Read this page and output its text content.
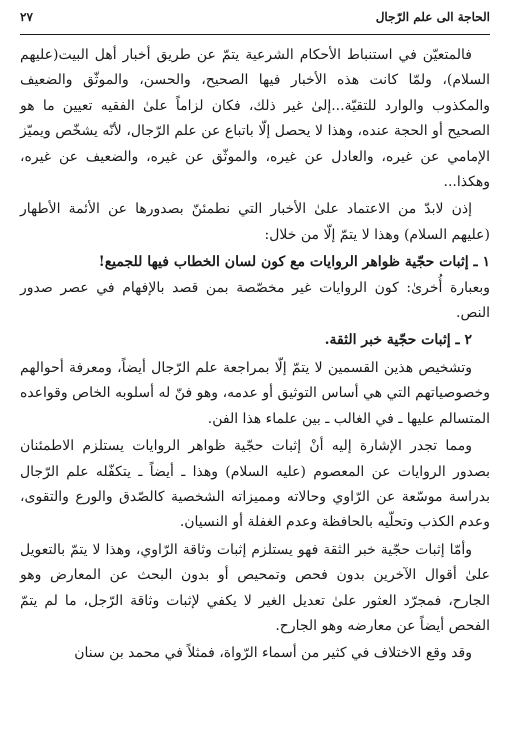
الحاجة الى علم الرّجال
٢٧

فالمتعيّن في استنباط الأحكام الشرعية يتمّ عن طريق أخبار أهل البيت(عليهم السلام)، ولمّا كانت هذه الأخبار فيها الصحيح، والحسن، والموثّق والضعيف والمكذوب والوارد للتقيّة...إلىٰ غير ذلك، فكان لزاماً علىٰ الفقيه تعيين ما هو الصحيح أو الحجة عنده، وهذا لا يحصل إلّا باتباع عن علم الرّجال، لأنّه يشخّص ويميّز الإمامي عن غيره، والعادل عن غيره، والموثّق عن غيره، والضعيف عن غيره، وهكذا...

إذن لابدّ من الاعتماد علىٰ الأخبار التي نطمئنّ بصدورها عن الأئمة الأطهار (عليهم السلام) وهذا لا يتمّ إلّا من خلال:

١ ـ إثبات حجّية ظواهر الروايات مع كون لسان الخطاب فيها للجميع!

وبعبارة أُخرىٰ: كون الروايات غير مخصّصة بمن قصد بالإفهام في عصر صدور النص.

٢ ـ إثبات حجّية خبر الثقة.

وتشخيص هذين القسمين لا يتمّ إلّا بمراجعة علم الرّجال أيضاً، ومعرفة أحوالهم وخصوصياتهم التي هي أساس التوثيق أو عدمه، وهو فنّ له أسلوبه الخاص وقواعده المتسالم عليها ـ في الغالب ـ بين علماء هذا الفن.

ومما تجدر الإشارة إليه أنْ إثبات حجّية ظواهر الروايات يستلزم الاطمئنان بصدور الروايات عن المعصوم (عليه السلام) وهذا ـ أيضاً ـ يتكفّله علم الرّجال بدراسة موسّعة عن الرّاوي وحالاته ومميزاته الشخصية كالصّدق والورع والتقوى، وعدم الكذب وتحلّيه بالحافظة وعدم الغفلة أو النسيان.

وأمّا إثبات حجّية خبر الثقة فهو يستلزم إثبات وثاقة الرّاوي، وهذا لا يتمّ بالتعويل علىٰ أقوال الآخرين بدون فحص وتمحيص أو بدون البحث عن المعارض وهو الجارح، فمجرّد العثور علىٰ تعديل الغير لا يكفي لإثبات وثاقة الرّجل، ما لم يتمّ الفحص أيضاً عن معارضه وهو الجارح.

وقد وقع الاختلاف في كثير من أسماء الرّواة، فمثلاً في محمد بن سنان
